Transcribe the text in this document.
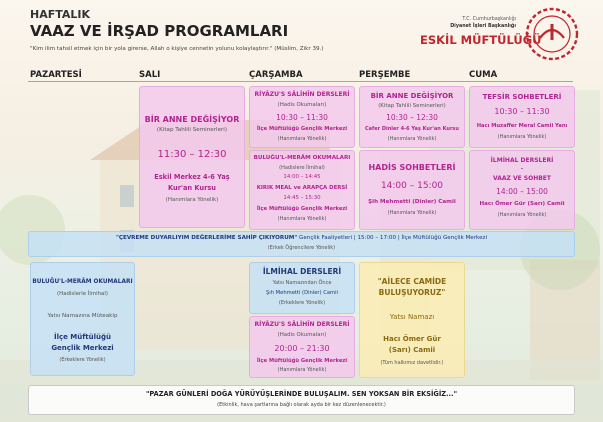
HAFTALIK
VAAZ VE İRŞAD PROGRAMLARI
"Kim ilim tahsil etmek için bir yola girerse, Allah o kişiye cennetin yolunu kolaylaştırır." (Müslim, Zikr 39.)
T.C. Cumhurbaşkanlığı
Diyanet İşleri Başkanlığı
ESKİL MÜFTÜLÜĞÜ
PAZARTESİ	SALI	ÇARŞAMBA	PERŞEMBE	CUMA
BİR ANNE DEĞİŞİYOR
(Kitap Tahlili Seminerleri)
11:30 – 12:30
Eskil Merkez 4-6 Yaş
Kur'an Kursu
(Hanımlara Yönelik)
RİYÂZU'S SÂLİHÎN DERSLERİ
(Hadis Okumaları)
10:30 – 11:30
İlçe Müftülüğü Gençlik Merkezi
(Hanımlara Yönelik)
BULUĞU'L-MERÂM OKUMALARI
(Hadislere İlmihal)
14:00 – 14:45
KIRIK MEAL ve ARAPÇA DERSİ
14:45 – 15:30
İlçe Müftülüğü Gençlik Merkezi
(Hanımlara Yönelik)
BİR ANNE DEĞİŞİYOR
(Kitap Tahlili Seminerleri)
10:30 – 12:30
Cafer Dinler 4-6 Yaş Kur'an Kursu
(Hanımlara Yönelik)
HADİS SOHBETLERİ
14:00 – 15:00
Şih Mehmetti (Dinler) Camii
(Hanımlara Yönelik)
TEFSİR SOHBETLERİ
10:30 – 11:30
Hacı Muzaffer Meral Camii Yanı
(Hanımlara Yönelik)
İLMİHAL DERSLERİ
–
VAAZ VE SOHBET
14:00 – 15:00
Hacı Ömer Gür (Sarı) Camii
(Hanımlara Yönelik)
"ÇEVREME DUYARLIYIM DEĞERLERİME SAHİP ÇIKIYORUM" Gençlik Faaliyetleri | 15:00 – 17:00 | İlçe Müftülüğü Gençlik Merkezi
(Erkek Öğrencilere Yönelik)
BULUĞU'L-MERÂM OKUMALARI
(Hadislerle İlmihal)
Yatsı Namazına Müteakip
İlçe Müftülüğü
Gençlik Merkezi
(Erkeklere Yönelik)
İLMİHAL DERSLERİ
Yatsı Namazından Önce
Şıh Mehmetti (Dinler) Camii
(Erkeklere Yönelik)
RİYÂZU'S SÂLİHÎN DERSLERİ
(Hadis Okumaları)
20:00 – 21:30
İlçe Müftülüğü Gençlik Merkezi
(Hanımlara Yönelik)
"AİLECE CAMİDE
BULUŞUYORUZ"
Yatsı Namazı
Hacı Ömer Gür
(Sarı) Camii
(Tüm halkımız davetlidir.)
"PAZAR GÜNLERİ DOĞA YÜRÜYÜŞLERİNDE BULUŞALIM. SEN YOKSAN BİR EKSİĞİZ..."
(Etkinlik, hava şartlarına bağlı olarak ayda bir kez düzenlenecektir.)
